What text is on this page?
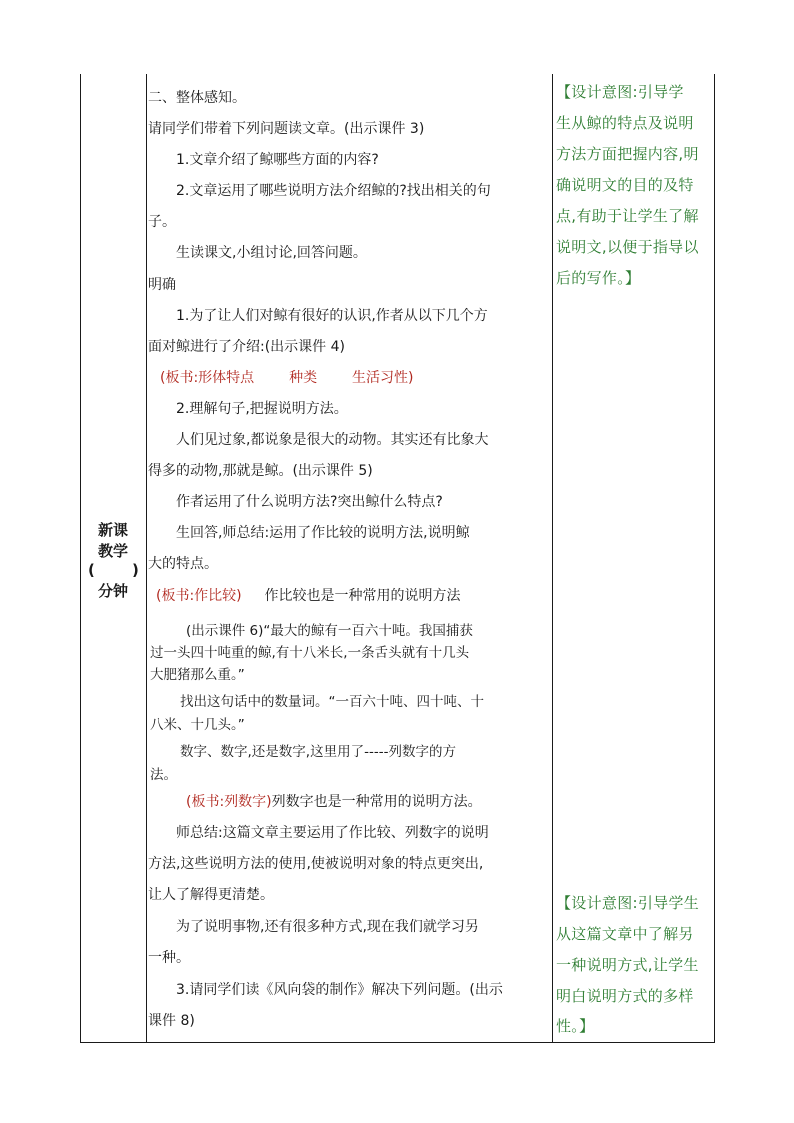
新课
教学
( )
分钟
二、整体感知。
请同学们带着下列问题读文章。(出示课件 3)
1.文章介绍了鲸哪些方面的内容?
2.文章运用了哪些说明方法介绍鲸的?找出相关的句
子。
生读课文,小组讨论,回答问题。
明确
1.为了让人们对鲸有很好的认识,作者从以下几个方
面对鲸进行了介绍:(出示课件 4)
(板书:形体特点 种类 生活习性)
2.理解句子,把握说明方法。
人们见过象,都说象是很大的动物。其实还有比象大
得多的动物,那就是鲸。(出示课件 5)
作者运用了什么说明方法?突出鲸什么特点?
生回答,师总结:运用了作比较的说明方法,说明鲸
大的特点。
(板书:作比较) 作比较也是一种常用的说明方法
(出示课件 6)“最大的鲸有一百六十吨。我国捕获
过一头四十吨重的鲸,有十八米长,一条舌头就有十几头
大肥猪那么重。”
找出这句话中的数量词。“一百六十吨、四十吨、十
八米、十几头。”
数字、数字,还是数字,这里用了-----列数字的方
法。
(板书:列数字)列数字也是一种常用的说明方法。
师总结:这篇文章主要运用了作比较、列数字的说明
方法,这些说明方法的使用,使被说明对象的特点更突出,
让人了解得更清楚。
为了说明事物,还有很多种方式,现在我们就学习另
一种。
3.请同学们读《风向袋的制作》解决下列问题。(出示
课件 8)
【设计意图:引导学
生从鲸的特点及说明
方法方面把握内容,明
确说明文的目的及特
点,有助于让学生了解
说明文,以便于指导以
后的写作。】
【设计意图:引导学生
从这篇文章中了解另
一种说明方式,让学生
明白说明方式的多样
性。】
